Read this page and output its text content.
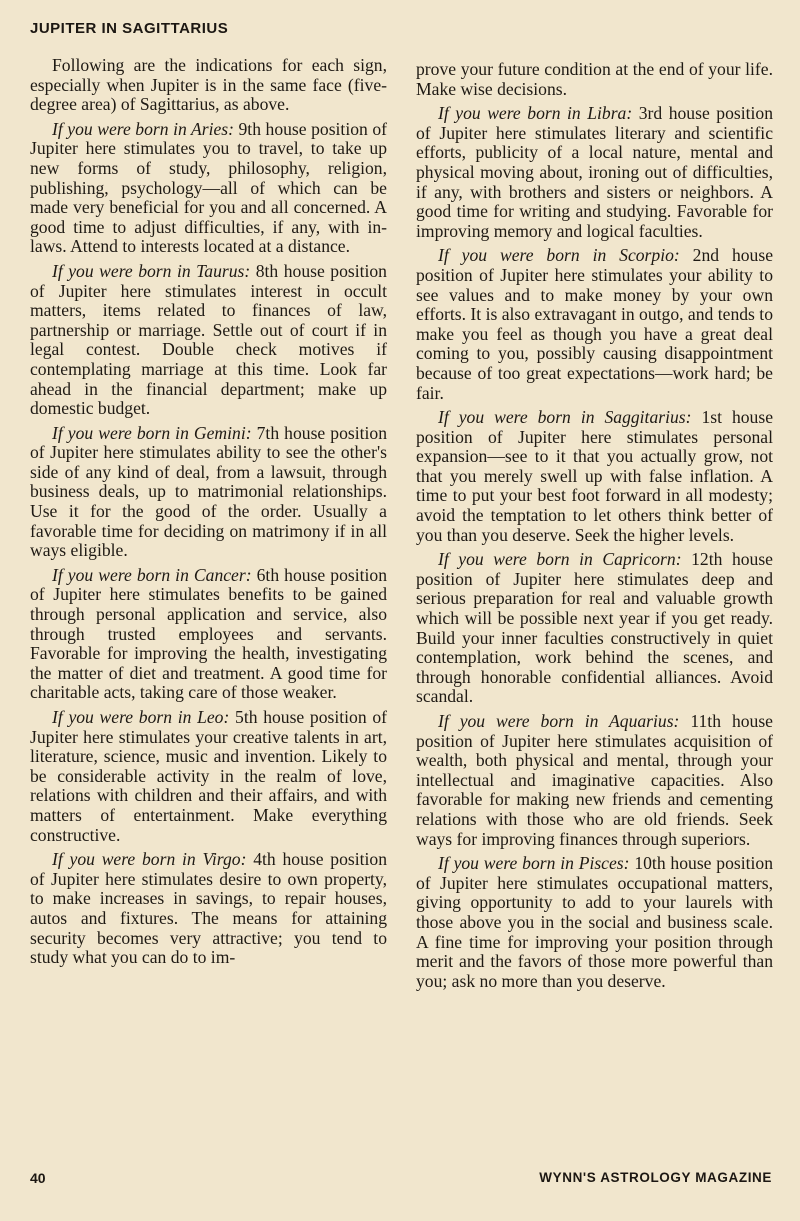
JUPITER IN SAGITTARIUS

Following are the indications for each sign, especially when Jupiter is in the same face (five-degree area) of Sagittarius, as above.

If you were born in Aries: 9th house position of Jupiter here stimulates you to travel, to take up new forms of study, philosophy, religion, publishing, psychology—all of which can be made very beneficial for you and all concerned. A good time to adjust difficulties, if any, with in-laws. Attend to interests located at a distance.

If you were born in Taurus: 8th house position of Jupiter here stimulates interest in occult matters, items related to finances of law, partnership or marriage. Settle out of court if in legal contest. Double check motives if contemplating marriage at this time. Look far ahead in the financial department; make up domestic budget.

If you were born in Gemini: 7th house position of Jupiter here stimulates ability to see the other's side of any kind of deal, from a lawsuit, through business deals, up to matrimonial relationships. Use it for the good of the order. Usually a favorable time for deciding on matrimony if in all ways eligible.

If you were born in Cancer: 6th house position of Jupiter here stimulates benefits to be gained through personal application and service, also through trusted employees and servants. Favorable for improving the health, investigating the matter of diet and treatment. A good time for charitable acts, taking care of those weaker.

If you were born in Leo: 5th house position of Jupiter here stimulates your creative talents in art, literature, science, music and invention. Likely to be considerable activity in the realm of love, relations with children and their affairs, and with matters of entertainment. Make everything constructive.

If you were born in Virgo: 4th house position of Jupiter here stimulates desire to own property, to make increases in savings, to repair houses, autos and fixtures. The means for attaining security becomes very attractive; you tend to study what you can do to im-

prove your future condition at the end of your life. Make wise decisions.

If you were born in Libra: 3rd house position of Jupiter here stimulates literary and scientific efforts, publicity of a local nature, mental and physical moving about, ironing out of difficulties, if any, with brothers and sisters or neighbors. A good time for writing and studying. Favorable for improving memory and logical faculties.

If you were born in Scorpio: 2nd house position of Jupiter here stimulates your ability to see values and to make money by your own efforts. It is also extravagant in outgo, and tends to make you feel as though you have a great deal coming to you, possibly causing disappointment because of too great expectations—work hard; be fair.

If you were born in Saggitarius: 1st house position of Jupiter here stimulates personal expansion—see to it that you actually grow, not that you merely swell up with false inflation. A time to put your best foot forward in all modesty; avoid the temptation to let others think better of you than you deserve. Seek the higher levels.

If you were born in Capricorn: 12th house position of Jupiter here stimulates deep and serious preparation for real and valuable growth which will be possible next year if you get ready. Build your inner faculties constructively in quiet contemplation, work behind the scenes, and through honorable confidential alliances. Avoid scandal.

If you were born in Aquarius: 11th house position of Jupiter here stimulates acquisition of wealth, both physical and mental, through your intellectual and imaginative capacities. Also favorable for making new friends and cementing relations with those who are old friends. Seek ways for improving finances through superiors.

If you were born in Pisces: 10th house position of Jupiter here stimulates occupational matters, giving opportunity to add to your laurels with those above you in the social and business scale. A fine time for improving your position through merit and the favors of those more powerful than you; ask no more than you deserve.

40	WYNN'S ASTROLOGY MAGAZINE
